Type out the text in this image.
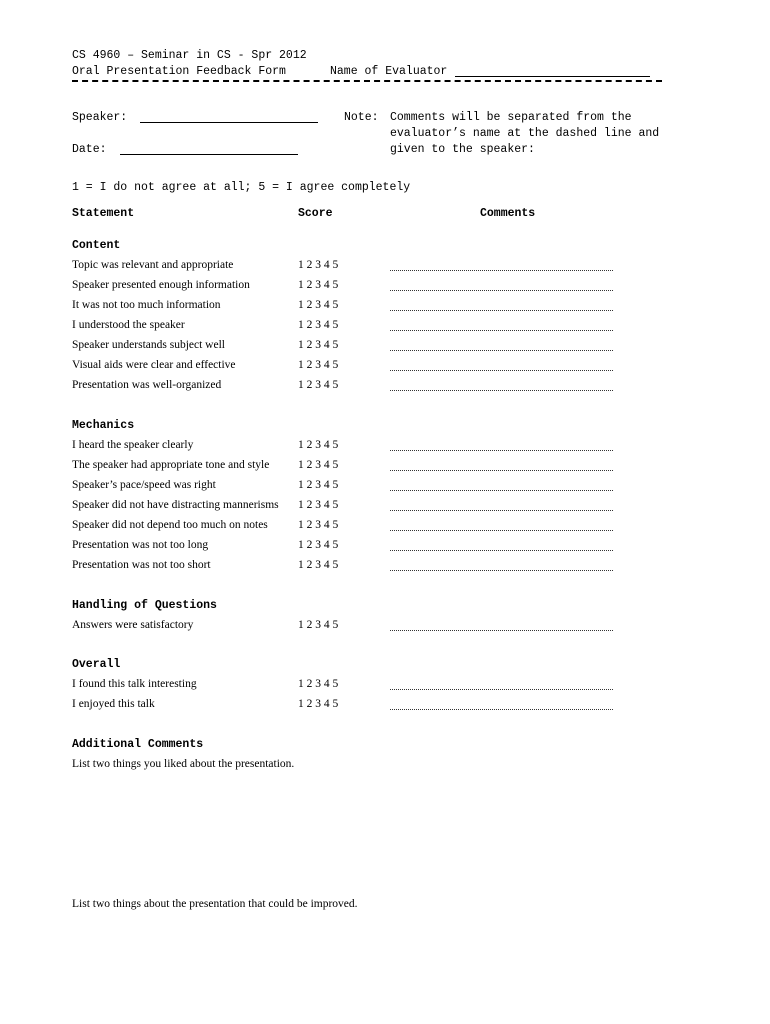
CS 4960 – Seminar in CS - Spr 2012
Oral Presentation Feedback Form	Name of Evaluator
Speaker:
Date:
Note: Comments will be separated from the
evaluator’s name at the dashed line and
given to the speaker:
1 = I do not agree at all; 5 = I agree completely
Statement	Score	Comments
Content
Topic was relevant and appropriate	1 2 3 4 5
Speaker presented enough information	1 2 3 4 5
It was not too much information	1 2 3 4 5
I understood the speaker	1 2 3 4 5
Speaker understands subject well	1 2 3 4 5
Visual aids were clear and effective	1 2 3 4 5
Presentation was well-organized	1 2 3 4 5
Mechanics
I heard the speaker clearly	1 2 3 4 5
The speaker had appropriate tone and style 1 2 3 4 5
Speaker’s pace/speed was right	1 2 3 4 5
Speaker did not have distracting mannerisms 1 2 3 4 5
Speaker did not depend too much on notes	1 2 3 4 5
Presentation was not too long	1 2 3 4 5
Presentation was not too short	1 2 3 4 5
Handling of Questions
Answers were satisfactory	1 2 3 4 5
Overall
I found this talk interesting	1 2 3 4 5
I enjoyed this talk	1 2 3 4 5
Additional Comments
List two things you liked about the presentation.
List two things about the presentation that could be improved.
